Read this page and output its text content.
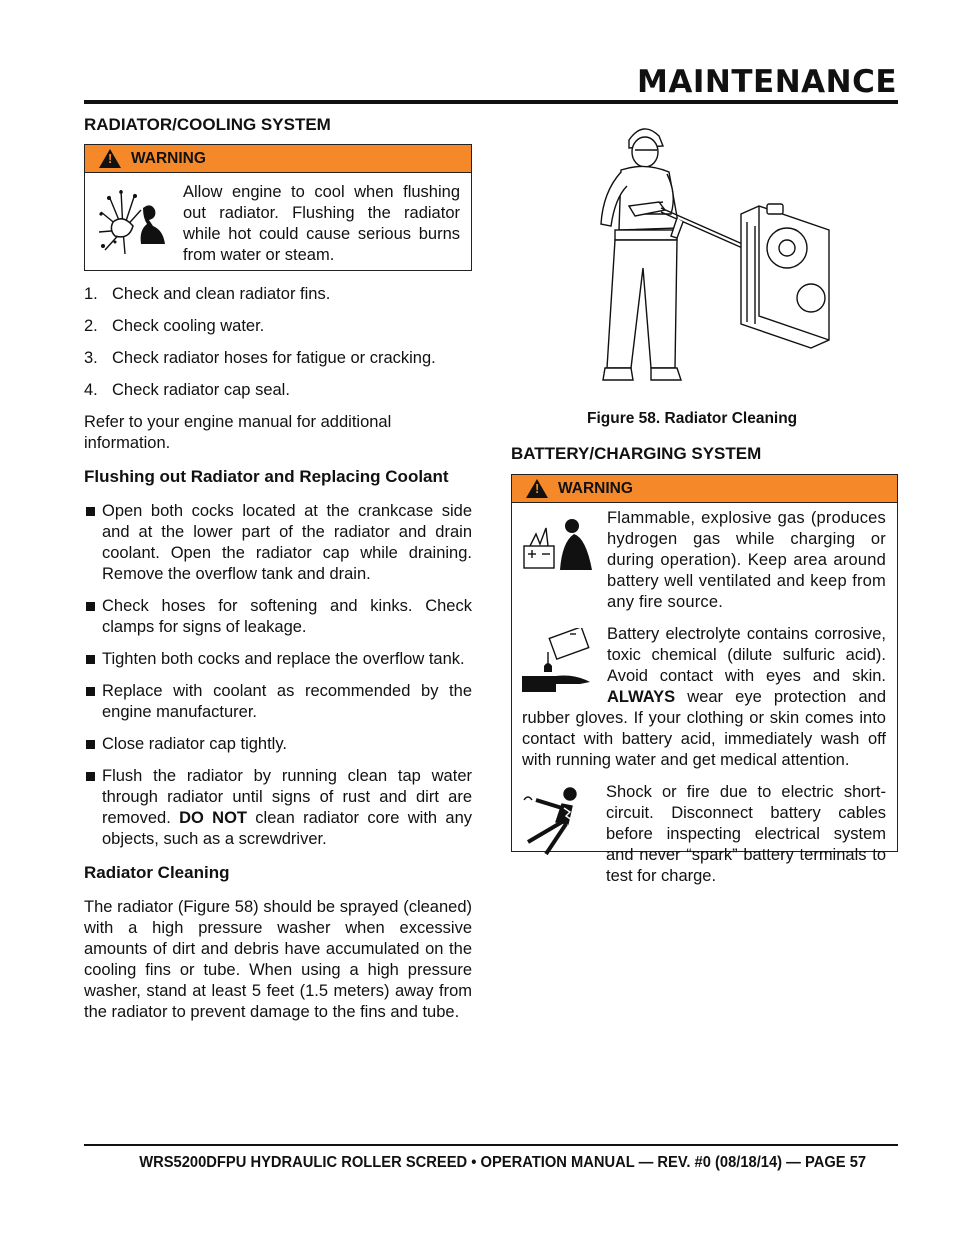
MAINTENANCE
RADIATOR/COOLING SYSTEM
! WARNING

Allow engine to cool when flushing out radiator. Flushing the radiator while hot could cause serious burns from water or steam.

1. Check and clean radiator fins.
2. Check cooling water.
3. Check radiator hoses for fatigue or cracking.
4. Check radiator cap seal.

Refer to your engine manual for additional information.

Flushing out Radiator and Replacing Coolant
Open both cocks located at the crankcase side and at the lower part of the radiator and drain coolant. Open the radiator cap while draining. Remove the overflow tank and drain.
Check hoses for softening and kinks. Check clamps for signs of leakage.
Tighten both cocks and replace the overflow tank.
Replace with coolant as recommended by the engine manufacturer.
Close radiator cap tightly.
Flush the radiator by running clean tap water through radiator until signs of rust and dirt are removed. DO NOT clean radiator core with any objects, such as a screwdriver.
Radiator Cleaning

The radiator (Figure 58) should be sprayed (cleaned) with a high pressure washer when excessive amounts of dirt and debris have accumulated on the cooling fins or tube. When using a high pressure washer, stand at least 5 feet (1.5 meters) away from the radiator to prevent damage to the fins and tube.

Figure 58. Radiator Cleaning
BATTERY/CHARGING SYSTEM
! WARNING

Flammable, explosive gas (produces hydrogen gas while charging or during operation). Keep area around battery well ventilated and keep from any fire source.

Battery electrolyte contains corrosive, toxic chemical (dilute sulfuric acid). Avoid contact with eyes and skin. ALWAYS wear eye protection and rubber gloves. If your clothing or skin comes into contact with battery acid, immediately wash off with running water and get medical attention.

Shock or fire due to electric short-circuit. Disconnect battery cables before inspecting electrical system and never “spark” battery terminals to test for charge.

WRS5200DFPU HYDRAULIC ROLLER SCREED • OPERATION MANUAL — REV. #0 (08/18/14) — PAGE 57
